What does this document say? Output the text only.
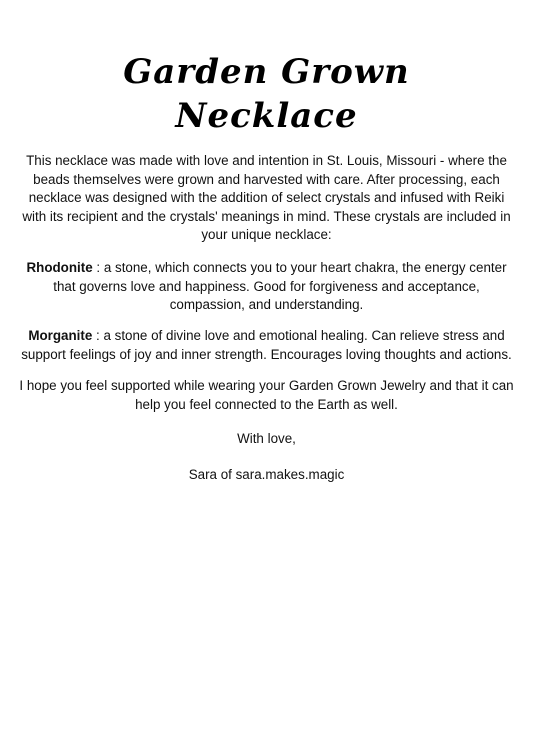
Garden Grown
Necklace

This necklace was made with love and intention in St. Louis, Missouri - where the beads themselves were grown and harvested with care. After processing, each necklace was designed with the addition of select crystals and infused with Reiki with its recipient and the crystals' meanings in mind. These crystals are included in your unique necklace:

Rhodonite : a stone, which connects you to your heart chakra, the energy center that governs love and happiness. Good for forgiveness and acceptance, compassion, and understanding.

Morganite : a stone of divine love and emotional healing. Can relieve stress and support feelings of joy and inner strength. Encourages loving thoughts and actions.

I hope you feel supported while wearing your Garden Grown Jewelry and that it can help you feel connected to the Earth as well.

With love,

Sara of sara.makes.magic
